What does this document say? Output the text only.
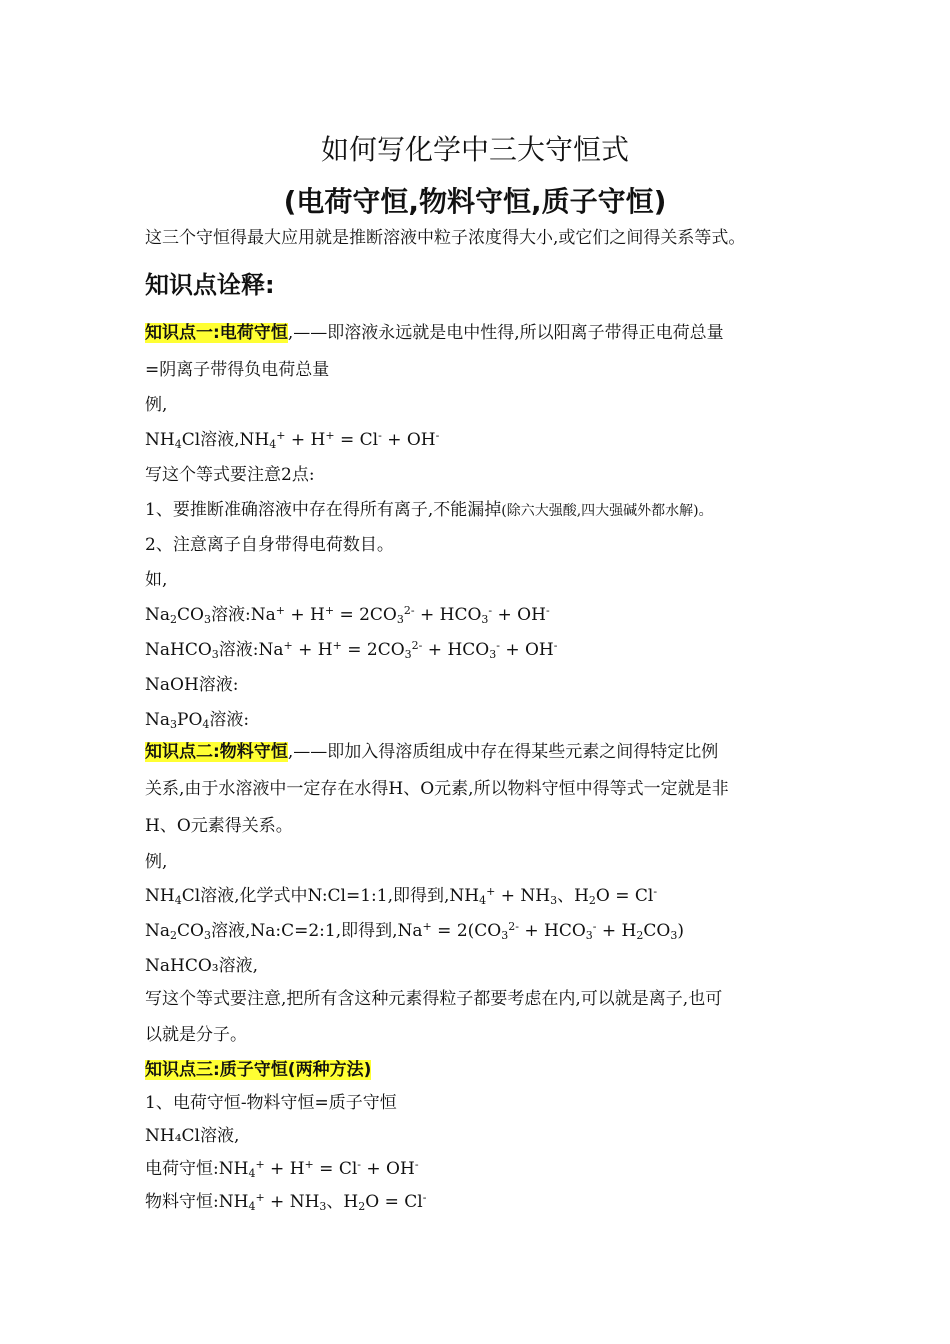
如何写化学中三大守恒式
(电荷守恒,物料守恒,质子守恒)
这三个守恒得最大应用就是推断溶液中粒子浓度得大小,或它们之间得关系等式。
知识点诠释:
知识点一:电荷守恒,——即溶液永远就是电中性得,所以阳离子带得正电荷总量
=阴离子带得负电荷总量
例,
$NH_4Cl$溶液$,NH_4^+ + H^+ = Cl^- + OH^-$
写这个等式要注意2点:
1、要推断准确溶液中存在得所有离子,不能漏掉(除六大强酸,四大强碱外都水解)。
2、注意离子自身带得电荷数目。
如,
$Na_2CO_3$溶液:Na+ + $H^+ = 2CO_3^{2-} + HCO_3^- + OH^-$
NaHCO$_3$溶液:Na+ + $H^+ = 2CO_3^{2-} + HCO_3^- + OH^-$
NaOH溶液:
$Na_3PO_4$溶液:
知识点二:物料守恒,——即加入得溶质组成中存在得某些元素之间得特定比例
关系,由于水溶液中一定存在水得H、O元素,所以物料守恒中得等式一定就是非
H、O元素得关系。
例,
$NH_4Cl$溶液,化学式中N:Cl=1:1,即得到$,NH_4^+ + NH_3$、$H_2O = Cl^-$
$Na_2CO_3$溶液,Na:C=2:1,即得到$,Na^+ = 2(CO_3^{2-} + HCO_3^- + H_2CO_3)$
NaHCO₃溶液,
写这个等式要注意,把所有含这种元素得粒子都要考虑在内,可以就是离子,也可
以就是分子。
知识点三:质子守恒(两种方法)
1、电荷守恒-物料守恒=质子守恒
NH₄Cl溶液,
电荷守恒$:NH_4^+ + H^+ = Cl^- + OH^-$
物料守恒$:NH_4^+ + NH_3$、$H_2O = Cl^-$
